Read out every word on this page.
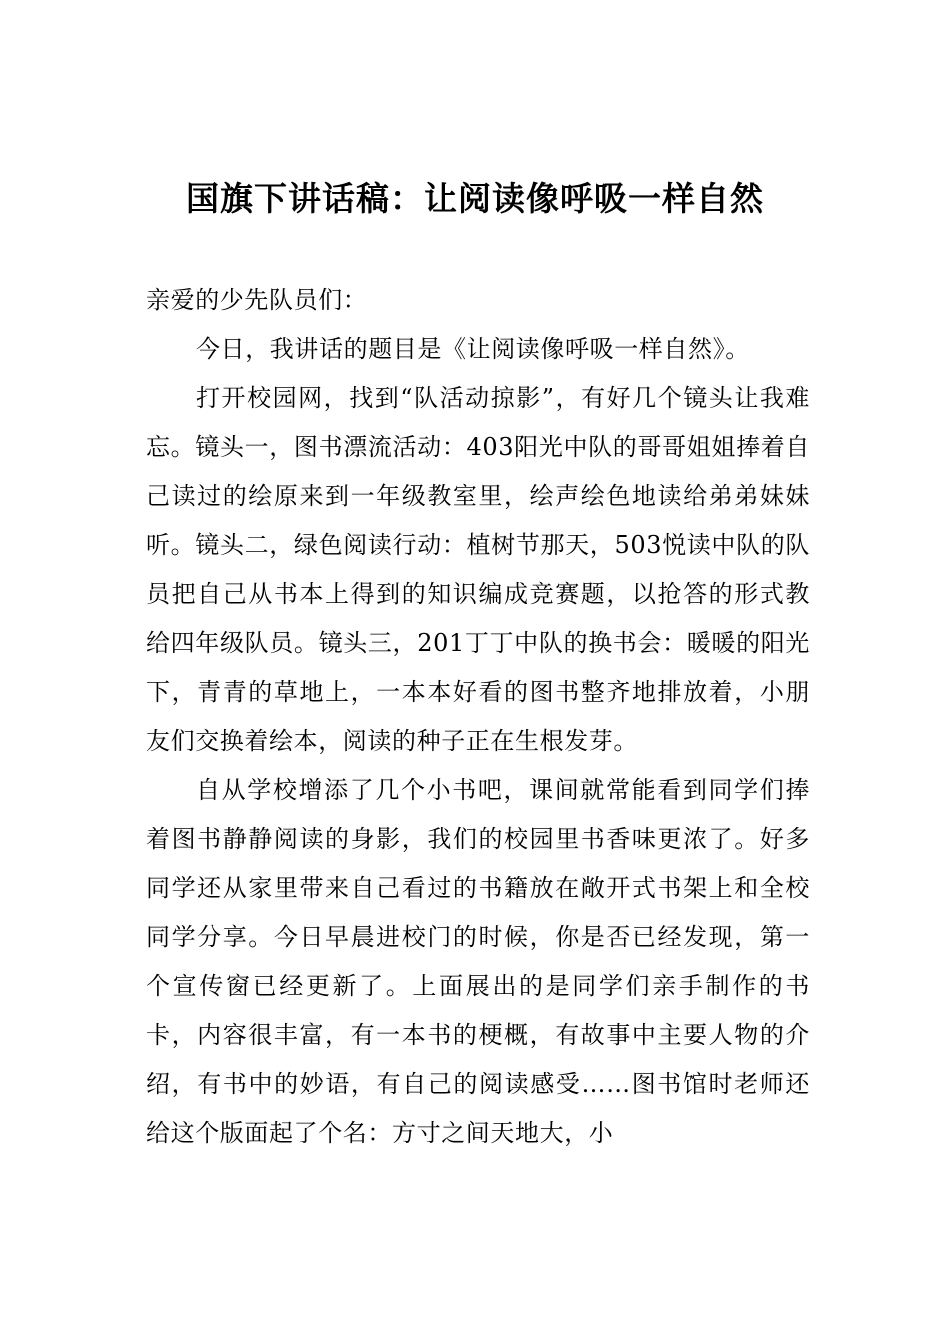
国旗下讲话稿：让阅读像呼吸一样自然

亲爱的少先队员们：

今日，我讲话的题目是《让阅读像呼吸一样自然》。

打开校园网，找到“队活动掠影”，有好几个镜头让我难忘。镜头一，图书漂流活动：403阳光中队的哥哥姐姐捧着自己读过的绘原来到一年级教室里，绘声绘色地读给弟弟妹妹听。镜头二，绿色阅读行动：植树节那天，503悦读中队的队员把自己从书本上得到的知识编成竞赛题，以抢答的形式教给四年级队员。镜头三，201丁丁中队的换书会：暖暖的阳光下，青青的草地上，一本本好看的图书整齐地排放着，小朋友们交换着绘本，阅读的种子正在生根发芽。

自从学校增添了几个小书吧，课间就常能看到同学们捧着图书静静阅读的身影，我们的校园里书香味更浓了。好多同学还从家里带来自己看过的书籍放在敞开式书架上和全校同学分享。今日早晨进校门的时候，你是否已经发现，第一个宣传窗已经更新了。上面展出的是同学们亲手制作的书卡，内容很丰富，有一本书的梗概，有故事中主要人物的介绍，有书中的妙语，有自己的阅读感受……图书馆时老师还给这个版面起了个名：方寸之间天地大，小
